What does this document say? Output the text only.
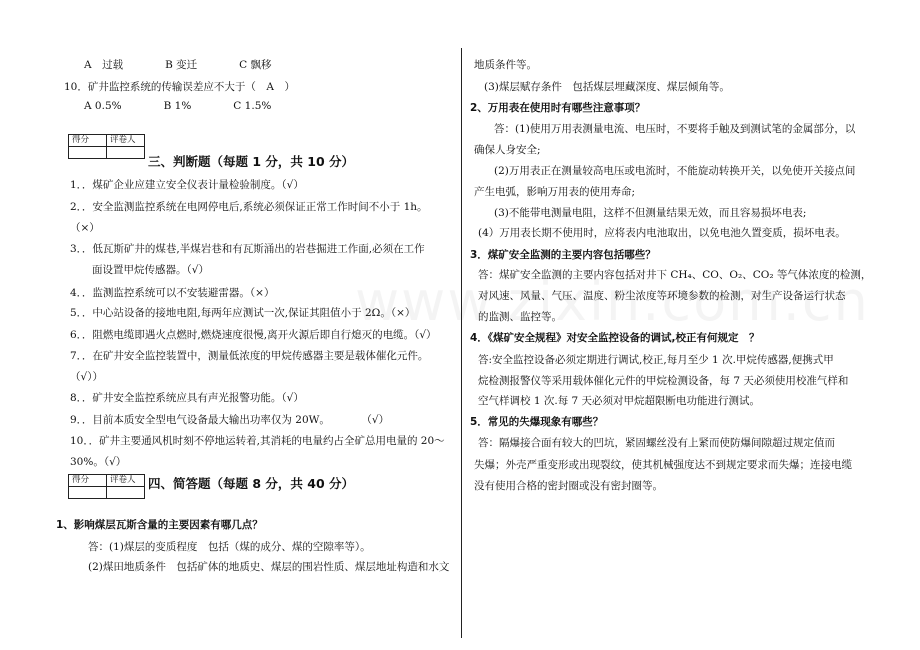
A　过载　　　　B 变迁　　　　C 飘移
10．矿井监控系统的传输误差应不大于（　A　）
A 0.5%　　　　B 1%　　　　C 1.5%
得分	评卷人

三、判断题（每题 1 分，共 10 分）
1．．煤矿企业应建立安全仪表计量检验制度。（√）
2．．安全监测监控系统在电网停电后,系统必须保证正常工作时间不小于 1h。
（×）
3．．低瓦斯矿井的煤巷,半煤岩巷和有瓦斯涌出的岩巷掘进工作面,必须在工作
面设置甲烷传感器。（√）
4．．监测监控系统可以不安装避雷器。（×）
5．．中心站设备的接地电阻,每两年应测试一次,保证其阻值小于 2Ω。（×）
6．．阻燃电缆即遇火点燃时,燃烧速度很慢,离开火源后即自行熄灭的电缆。（√）
7．．在矿井安全监控装置中，测量低浓度的甲烷传感器主要是载体催化元件。
（√））
8．．矿井安全监控系统应具有声光报警功能。（√）
9．．目前本质安全型电气设备最大输出功率仅为 20W。　　　　（√）
10．．矿井主要通风机时刻不停地运转着,其消耗的电量约占全矿总用电量的 20～
30%。（√）
得分	评卷人
	四、简答题（每题 8 分，共 40 分）
1、影响煤层瓦斯含量的主要因素有哪几点？
答：(1)煤层的变质程度　包括（煤的成分、煤的空隙率等）。
(2)煤田地质条件　包括矿体的地质史、煤层的围岩性质、煤层地址构造和水文
地质条件等。
(3)煤层赋存条件　包括煤层埋藏深度、煤层倾角等。
2、万用表在使用时有哪些注意事项？
答：(1)使用万用表测量电流、电压时，不要将手触及到测试笔的金属部分，以
确保人身安全;
(2)万用表正在测量较高电压或电流时，不能旋动转换开关，以免使开关接点间
产生电弧，影响万用表的使用寿命;
(3)不能带电测量电阻，这样不但测量结果无效，而且容易损坏电表;
(4）万用表长期不使用时，应将表内电池取出，以免电池久置变质，损坏电表。
3．煤矿安全监测的主要内容包括哪些？
答：煤矿安全监测的主要内容包括对井下 CH₄、CO、O₂、CO₂ 等气体浓度的检测，
对风速、风量、气压、温度、粉尘浓度等环境参数的检测，对生产设备运行状态
的监测、监控等。
4．《煤矿安全规程》对安全监控设备的调试,校正有何规定　？
答:安全监控设备必须定期进行调试,校正,每月至少 1 次.甲烷传感器,便携式甲
烷检测报警仪等采用载体催化元件的甲烷检测设备，每 7 天必须使用校准气样和
空气样调校 1 次.每 7 天必须对甲烷超限断电功能进行测试。
5．常见的失爆现象有哪些？
答：隔爆接合面有较大的凹坑，紧固螺丝没有上紧而使防爆间隙超过规定值而
失爆；外壳严重变形或出现裂纹，使其机械强度达不到规定要求而失爆；连接电缆
没有使用合格的密封圈或没有密封圈等。
